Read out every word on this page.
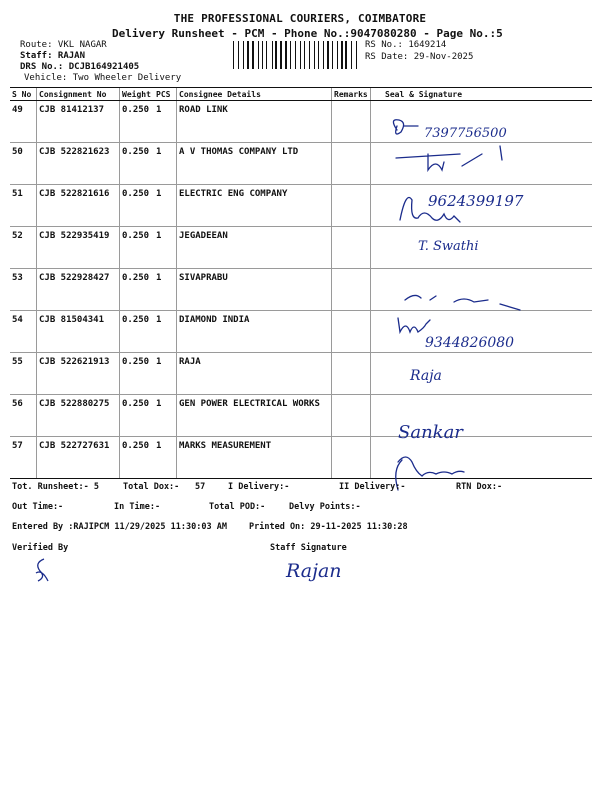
THE PROFESSIONAL COURIERS, COIMBATORE
Delivery Runsheet - PCM - Phone No.:9047080280 - Page No.:5
Route: VKL NAGAR
Staff: RAJAN
DRS No.: DCJB164921405
Vehicle: Two Wheeler Delivery
RS No.: 1649214
RS Date: 29-Nov-2025
S No	Consignment No	Weight	PCS	Consignee Details	Remarks	Seal & Signature
49	CJB 81412137	0.250	1	ROAD LINK		
50	CJB 522821623	0.250	1	A V THOMAS COMPANY LTD		
51	CJB 522821616	0.250	1	ELECTRIC ENG COMPANY		
52	CJB 522935419	0.250	1	JEGADEEAN		
53	CJB 522928427	0.250	1	SIVAPRABU		
54	CJB 81504341	0.250	1	DIAMOND INDIA		
55	CJB 522621913	0.250	1	RAJA		
56	CJB 522880275	0.250	1	GEN POWER ELECTRICAL WORKS		
57	CJB 522727631	0.250	1	MARKS MEASUREMENT		
7397756500
9624399197
T. Swathi
9344826080
Raja
Sankar
Tot. Runsheet:- 5	Total Dox:- 57	I Delivery:-	II Delivery:-	RTN Dox:-
Out Time:-	In Time:-	Total POD:-	Delvy Points:-
Entered By :RAJIPCM 11/29/2025 11:30:03 AM	Printed On: 29-11-2025 11:30:28
Verified By	Staff Signature
Rajan
